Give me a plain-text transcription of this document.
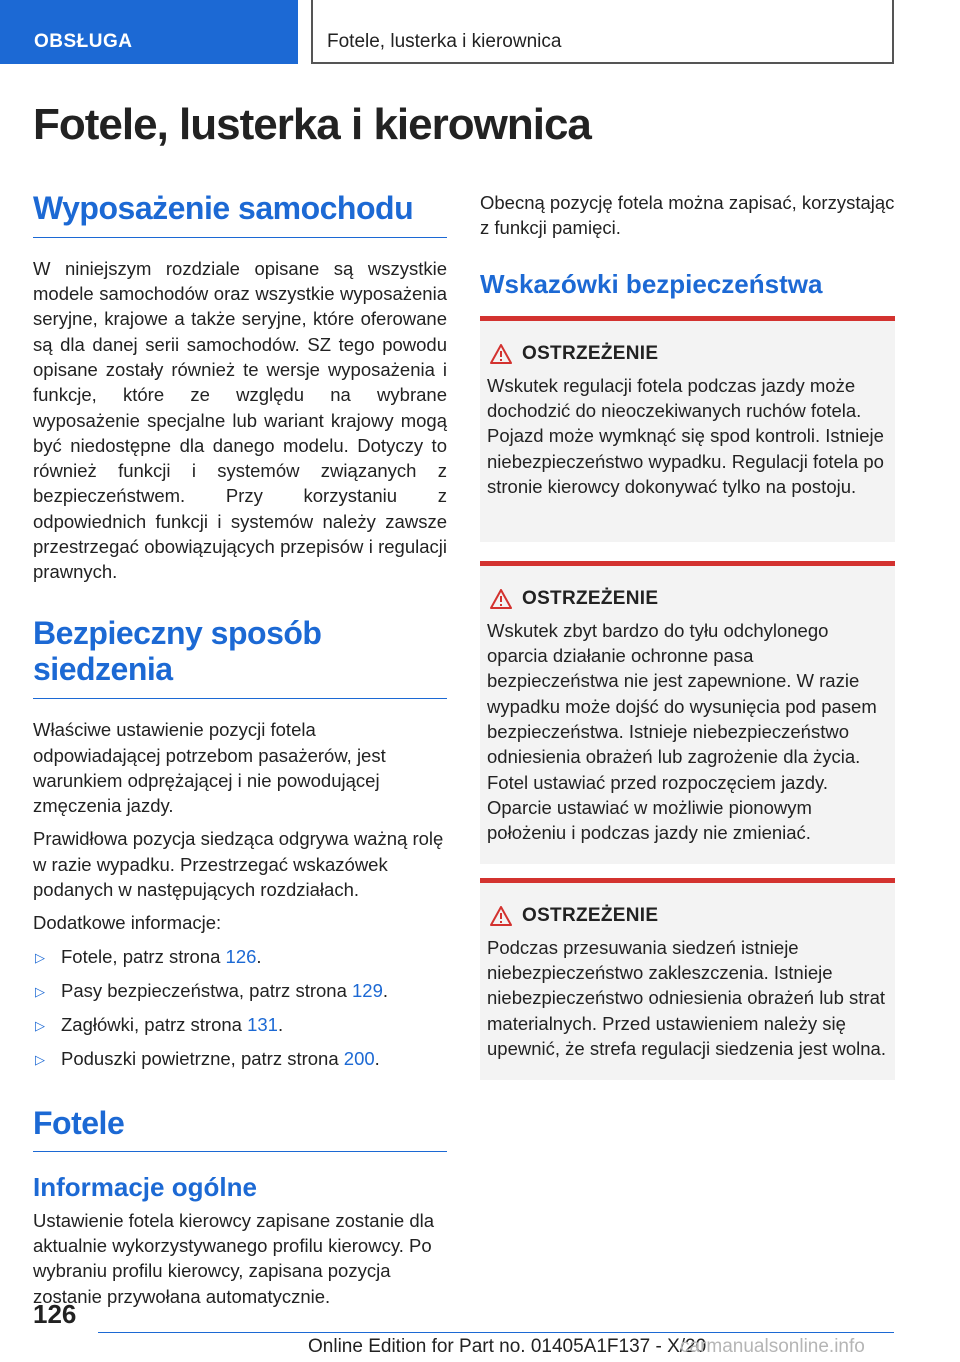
OBSŁUGA	Fotele, lusterka i kierownica
Fotele, lusterka i kierownica
Wyposażenie samochodu

W niniejszym rozdziale opisane są wszystkie modele samochodów oraz wszystkie wyposażenia seryjne, krajowe a także seryjne, które oferowane są dla danej serii samochodów. SZ tego powodu opisane zostały również te wersje wyposażenia i funkcje, które ze względu na wybrane wyposażenie specjalne lub wariant krajowy mogą być niedostępne dla danego modelu. Dotyczy to również funkcji i systemów związanych z bezpieczeństwem. Przy korzystaniu z odpowiednich funkcji i systemów należy zawsze przestrzegać obowiązujących przepisów i regulacji prawnych.

Bezpieczny sposób siedzenia

Właściwe ustawienie pozycji fotela odpowiadającej potrzebom pasażerów, jest warunkiem odprężającej i nie powodującej zmęczenia jazdy.

Prawidłowa pozycja siedząca odgrywa ważną rolę w razie wypadku. Przestrzegać wskazówek podanych w następujących rozdziałach.

Dodatkowe informacje:

▷ Fotele, patrz strona 126.
▷ Pasy bezpieczeństwa, patrz strona 129.
▷ Zagłówki, patrz strona 131.
▷ Poduszki powietrzne, patrz strona 200.
Fotele
Informacje ogólne

Ustawienie fotela kierowcy zapisane zostanie dla aktualnie wykorzystywanego profilu kierowcy. Po wybraniu profilu kierowcy, zapisana pozycja zostanie przywołana automatycznie.

Obecną pozycję fotela można zapisać, korzystając z funkcji pamięci.

Wskazówki bezpieczeństwa
OSTRZEŻENIE

Wskutek regulacji fotela podczas jazdy może dochodzić do nieoczekiwanych ruchów fotela. Pojazd może wymknąć się spod kontroli. Istnieje niebezpieczeństwo wypadku. Regulacji fotela po stronie kierowcy dokonywać tylko na postoju.

OSTRZEŻENIE

Wskutek zbyt bardzo do tyłu odchylonego oparcia działanie ochronne pasa bezpieczeństwa nie jest zapewnione. W razie wypadku może dojść do wysunięcia pod pasem bezpieczeństwa. Istnieje niebezpieczeństwo odniesienia obrażeń lub zagrożenie dla życia. Fotel ustawiać przed rozpoczęciem jazdy. Oparcie ustawiać w możliwie pionowym położeniu i podczas jazdy nie zmieniać.

OSTRZEŻENIE

Podczas przesuwania siedzeń istnieje niebezpieczeństwo zakleszczenia. Istnieje niebezpieczeństwo odniesienia obrażeń lub strat materialnych. Przed ustawieniem należy się upewnić, że strefa regulacji siedzenia jest wolna.

126
Online Edition for Part no. 01405A1F137 - X/20
carmanualsonline.info
